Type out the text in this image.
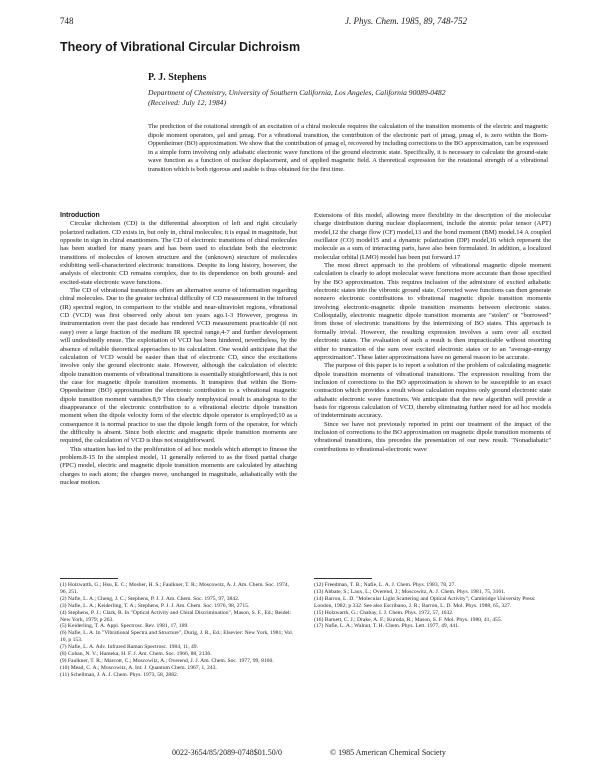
748	J. Phys. Chem. 1985, 89, 748-752
Theory of Vibrational Circular Dichroism
P. J. Stephens
Department of Chemistry, University of Southern California, Los Angeles, California 90089-0482
(Received: July 12, 1984)
The prediction of the rotational strength of an excitation of a chiral molecule requires the calculation of the transition moments of the electric and magnetic dipole moment operators, μel and μmag. For a vibrational transition, the contribution of the electronic part of μmag, μmag el, is zero within the Born-Oppenheimer (BO) approximation. We show that the contribution of μmag el, recovered by including corrections to the BO approximation, can be expressed in a simple form involving only adiabatic electronic wave functions of the ground electronic state. Specifically, it is necessary to calculate the ground-state wave function as a function of nuclear displacement, and of applied magnetic field. A theoretical expression for the rotational strength of a vibrational transition which is both rigorous and usable is thus obtained for the first time.

Introduction

Circular dichroism (CD) is the differential absorption of left and right circularly polarized radiation. CD exists in, but only in, chiral molecules; it is equal in magnitude, but opposite in sign in chiral enantiomers. The CD of electronic transitions of chiral molecules has been studied for many years and has been used to elucidate both the electronic transitions of molecules of known structure and the (unknown) structure of molecules exhibiting well-characterized electronic transitions. Despite its long history, however, the analysis of electronic CD remains complex, due to its dependence on both ground- and excited-state electronic wave functions.

The CD of vibrational transitions offers an alternative source of information regarding chiral molecules. Due to the greater technical difficulty of CD measurement in the infrared (IR) spectral region, in comparison to the visible and near-ultraviolet regions, vibrational CD (VCD) was first observed only about ten years ago.1-3 However, progress in instrumentation over the past decade has rendered VCD measurement practicable (if not easy) over a large fraction of the medium IR spectral range,4-7 and further development will undoubtedly ensue. The exploitation of VCD has been hindered, nevertheless, by the absence of reliable theoretical approaches to its calculation. One would anticipate that the calculation of VCD would be easier than that of electronic CD, since the excitations involve only the ground electronic state. However, although the calculation of electric dipole transition moments of vibrational transitions is essentially straightforward, this is not the case for magnetic dipole transition moments. It transpires that within the Born-Oppenheimer (BO) approximation the electronic contribution to a vibrational magnetic dipole transition moment vanishes.8,9 This clearly nonphysical result is analogous to the disappearance of the electronic contribution to a vibrational electric dipole transition moment when the dipole velocity form of the electric dipole operator is employed;10 as a consequence it is normal practice to use the dipole length form of the operator, for which the difficulty is absent. Since both electric and magnetic dipole transition moments are required, the calculation of VCD is thus not straightforward.

This situation has led to the proliferation of ad hoc models which attempt to finesse the problem.8-15 In the simplest model, 11 generally referred to as the fixed partial charge (FPC) model, electric and magnetic dipole transition moments are calculated by attaching charges to each atom; the charges move, unchanged in magnitude, adiabatically with the nuclear motion.

Extensions of this model, allowing more flexibility in the description of the molecular charge distribution during nuclear displacement, include the atomic polar tensor (APT) model,12 the charge flow (CF) model,13 and the bond moment (BM) model.14 A coupled oscillator (CO) model15 and a dynamic polarization (DP) model,16 which represent the molecule as a sum of interacting parts, have also been formulated. In addition, a localized molecular orbital (LMO) model has been put forward.17

The most direct approach to the problem of vibrational magnetic dipole moment calculation is clearly to adopt molecular wave functions more accurate than those specified by the BO approximation. This requires inclusion of the admixture of excited adiabatic electronic states into the vibronic ground state. Corrected wave functions can then generate nonzero electronic contributions to vibrational magnetic dipole transition moments involving electronic-magnetic dipole transition moments between electronic states. Colloquially, electronic magnetic dipole transition moments are "stolen" or "borrowed" from those of electronic transitions by the intermixing of BO states. This approach is formally trivial. However, the resulting expression involves a sum over all excited electronic states. The evaluation of such a result is then impracticable without resorting either to truncation of the sum over excited electronic states or to an "average-energy approximation". These latter approximations have no general reason to be accurate.

The purpose of this paper is to report a solution of the problem of calculating magnetic dipole transition moments of vibrational transitions. The expression resulting from the inclusion of corrections to the BO approximation is shown to be susceptible to an exact contraction which provides a result whose calculation requires only ground electronic state adiabatic electronic wave functions. We anticipate that the new algorithm will provide a basis for rigorous calculation of VCD, thereby eliminating further need for ad hoc models of indeterminate accuracy.

Since we have not previously reported in print our treatment of the impact of the inclusion of corrections to the BO approximation on magnetic dipole transition moments of vibrational transitions, this precedes the presentation of our new result. "Nonadiabatic" contributions to vibrational-electronic wave

(1) Holzwarth, G.; Hsu, E. C.; Mosher, H. S.; Faulkner, T. R.; Moscowitz, A. J. Am. Chem. Soc. 1974, 96, 251.
(2) Nafie, L. A.; Cheng, J. C.; Stephens, P. J. J. Am. Chem. Soc. 1975, 97, 3842.
(3) Nafie, L. A.; Keiderling, T. A.; Stephens, P. J. J. Am. Chem. Soc. 1976, 98, 2715.
(4) Stephens, P. J.; Clark, R. In "Optical Activity and Chiral Discrimination", Mason, S. F., Ed.; Reidel: New York, 1979; p 263.
(5) Keiderling, T. A. Appl. Spectrosc. Rev. 1981, 17, 189.
(6) Nafie, L. A. In "Vibrational Spectra and Structure", Durig, J. R., Ed.; Elsevier: New York, 1981; Vol. 10, p 153.
(7) Nafie, L. A. Adv. Infrared Raman Spectrosc. 1984, 11, 49.
(8) Cohan, N. V.; Hameka, H. F. J. Am. Chem. Soc. 1966, 88, 2136.
(9) Faulkner, T. R.; Marcott, C.; Moscowitz, A.; Overend, J. J. Am. Chem. Soc. 1977, 99, 8160.
(10) Mead, C. A.; Moscowitz, A. Int. J. Quantum Chem. 1967, 1, 243.
(11) Schellman, J. A. J. Chem. Phys. 1973, 58, 2882.
(12) Freedman, T. B.; Nafie, L. A. J. Chem. Phys. 1983, 78, 27.
(13) Abbate, S.; Laux, L.; Overend, J.; Moscowitz, A. J. Chem. Phys. 1981, 75, 3161.
(14) Barron, L. D. "Molecular Light Scattering and Optical Activity"; Cambridge University Press: London, 1982; p 332. See also Escribano, J. R.; Barron, L. D. Mol. Phys. 1988, 65, 327.
(15) Holzwarth, G.; Chabay, I. J. Chem. Phys. 1972, 57, 1632.
(16) Barnett, C. J.; Drake, A. F.; Kuroda, R.; Mason, S. F. Mol. Phys. 1980, 41, 455.
(17) Nafie, L. A.; Walnut, T. H. Chem. Phys. Lett. 1977, 49, 441.
0022-3654/85/2089-0748$01.50/0	© 1985 American Chemical Society
